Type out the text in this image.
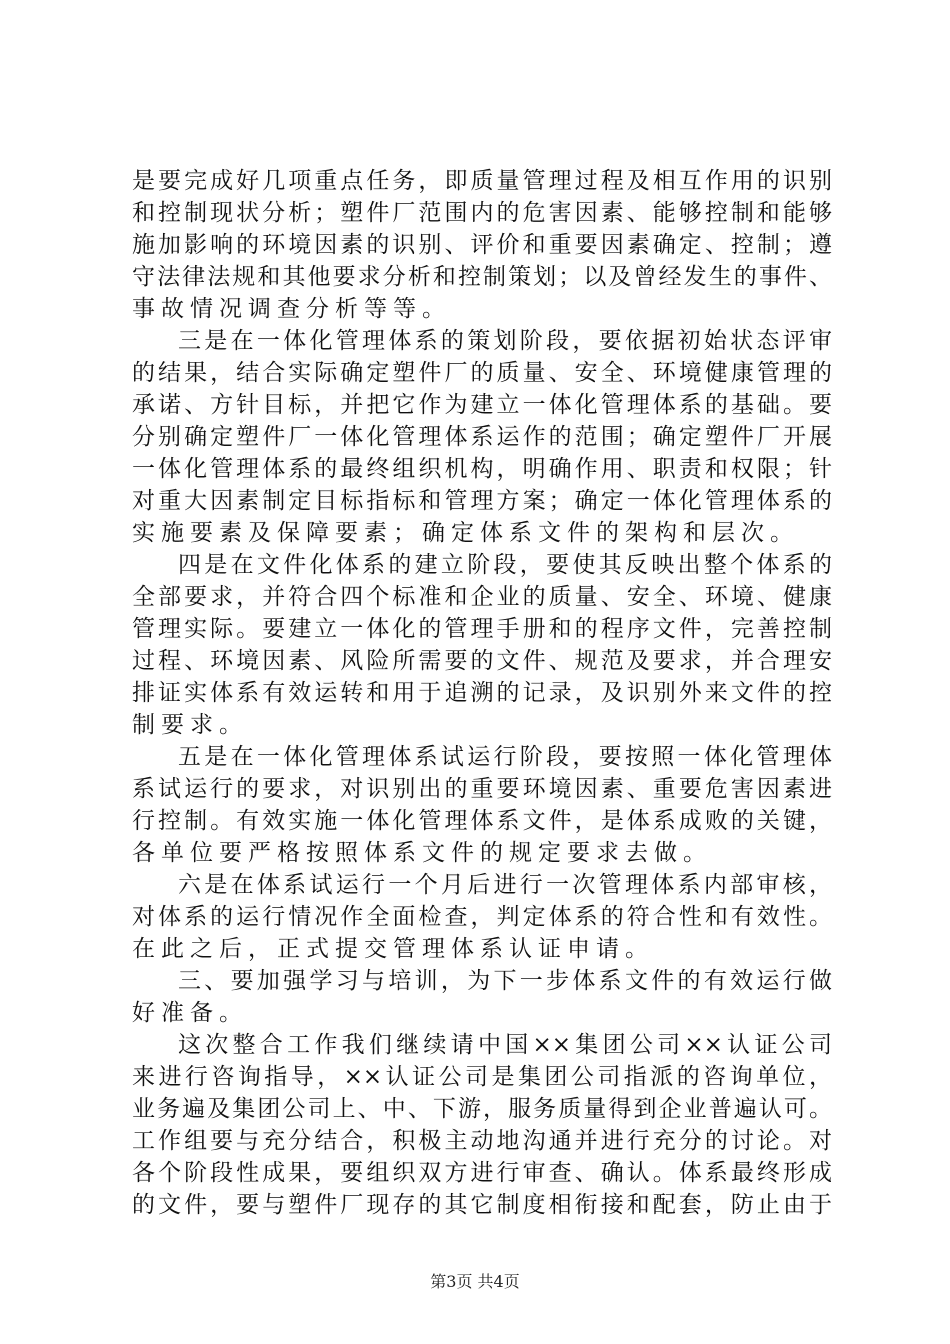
是要完成好几项重点任务，即质量管理过程及相互作用的识别
和控制现状分析；塑件厂范围内的危害因素、能够控制和能够
施加影响的环境因素的识别、评价和重要因素确定、控制；遵
守法律法规和其他要求分析和控制策划；以及曾经发生的事件、
事故情况调查分析等等。
三是在一体化管理体系的策划阶段，要依据初始状态评审
的结果，结合实际确定塑件厂的质量、安全、环境健康管理的
承诺、方针目标，并把它作为建立一体化管理体系的基础。要
分别确定塑件厂一体化管理体系运作的范围；确定塑件厂开展
一体化管理体系的最终组织机构，明确作用、职责和权限；针
对重大因素制定目标指标和管理方案；确定一体化管理体系的
实施要素及保障要素；确定体系文件的架构和层次。
四是在文件化体系的建立阶段，要使其反映出整个体系的
全部要求，并符合四个标准和企业的质量、安全、环境、健康
管理实际。要建立一体化的管理手册和的程序文件，完善控制
过程、环境因素、风险所需要的文件、规范及要求，并合理安
排证实体系有效运转和用于追溯的记录，及识别外来文件的控
制要求。
五是在一体化管理体系试运行阶段，要按照一体化管理体
系试运行的要求，对识别出的重要环境因素、重要危害因素进
行控制。有效实施一体化管理体系文件，是体系成败的关键，
各单位要严格按照体系文件的规定要求去做。
六是在体系试运行一个月后进行一次管理体系内部审核，
对体系的运行情况作全面检查，判定体系的符合性和有效性。
在此之后，正式提交管理体系认证申请。
三、要加强学习与培训，为下一步体系文件的有效运行做
好准备。
这次整合工作我们继续请中国××集团公司××认证公司
来进行咨询指导，××认证公司是集团公司指派的咨询单位，
业务遍及集团公司上、中、下游，服务质量得到企业普遍认可。
工作组要与充分结合，积极主动地沟通并进行充分的讨论。对
各个阶段性成果，要组织双方进行审查、确认。体系最终形成
的文件，要与塑件厂现存的其它制度相衔接和配套，防止由于
第3页 共4页
